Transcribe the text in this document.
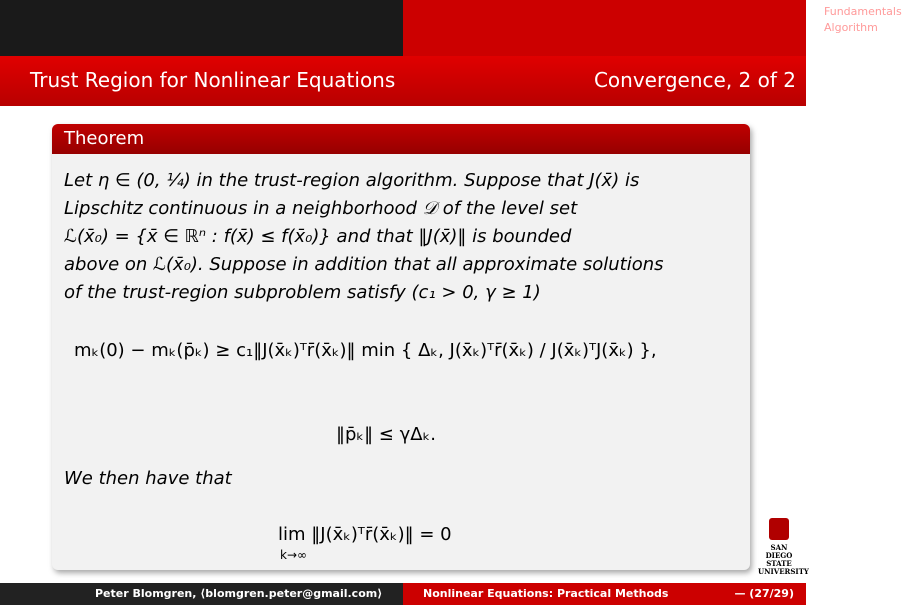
Fundamentals
Algorithm
Convergence
Trust Region for Nonlinear Equations	Convergence, 2 of 2
Theorem
Let η ∈ (0, ¼) in the trust-region algorithm. Suppose that J(x̄) is
Lipschitz continuous in a neighborhood 𝒟 of the level set
ℒ(x̄₀) = {x̄ ∈ ℝⁿ : f(x̄) ≤ f(x̄₀)} and that ‖J(x̄)‖ is bounded
above on ℒ(x̄₀). Suppose in addition that all approximate solutions
of the trust-region subproblem satisfy (c₁ > 0, γ ≥ 1)
mₖ(0) − mₖ(p̄ₖ) ≥ c₁‖J(x̄ₖ)ᵀr̄(x̄ₖ)‖ min { Δₖ, J(x̄ₖ)ᵀr̄(x̄ₖ) / J(x̄ₖ)ᵀJ(x̄ₖ) },
‖p̄ₖ‖ ≤ γΔₖ.
We then have that
lim ‖J(x̄ₖ)ᵀr̄(x̄ₖ)‖ = 0
k→∞
SAN DIEGO STATE UNIVERSITY
Peter Blomgren, ⟨blomgren.peter@gmail.com⟩	Nonlinear Equations: Practical Methods	— (27/29)
